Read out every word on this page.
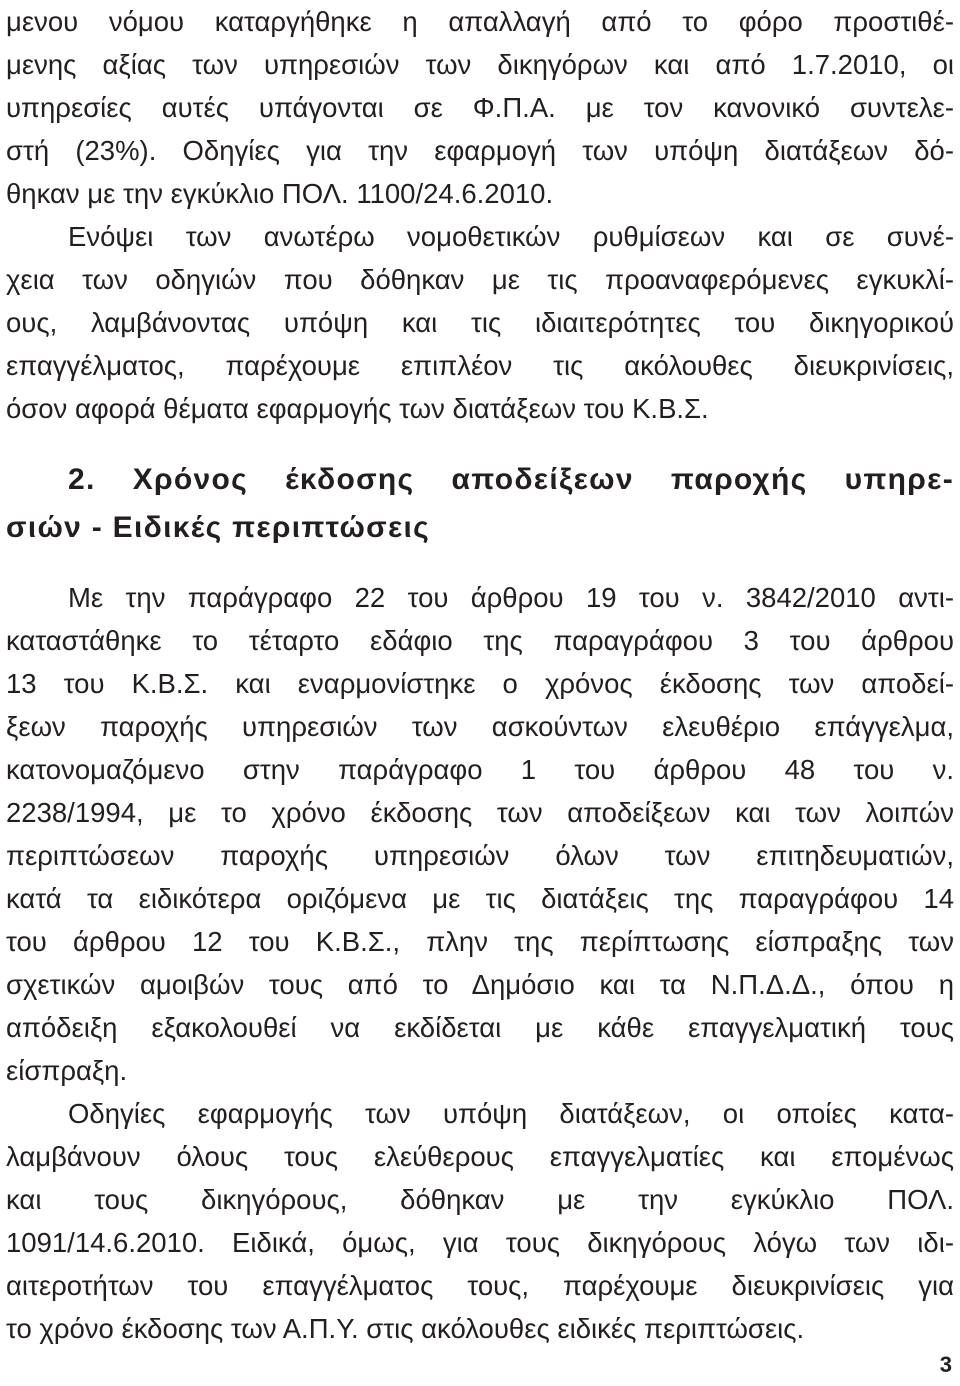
μενου νόμου καταργήθηκε η απαλλαγή από το φόρο προστιθέ-
μενης αξίας των υπηρεσιών των δικηγόρων και από 1.7.2010, οι
υπηρεσίες αυτές υπάγονται σε Φ.Π.Α. με τον κανονικό συντελε-
στή (23%). Οδηγίες για την εφαρμογή των υπόψη διατάξεων δό-
θηκαν με την εγκύκλιο ΠΟΛ. 1100/24.6.2010.
Ενόψει των ανωτέρω νομοθετικών ρυθμίσεων και σε συνέ-
χεια των οδηγιών που δόθηκαν με τις προαναφερόμενες εγκυκλί-
ους, λαμβάνοντας υπόψη και τις ιδιαιτερότητες του δικηγορικού
επαγγέλματος, παρέχουμε επιπλέον τις ακόλουθες διευκρινίσεις,
όσον αφορά θέματα εφαρμογής των διατάξεων του Κ.Β.Σ.
2. Χρόνος έκδοσης αποδείξεων παροχής υπηρε-
σιών - Ειδικές περιπτώσεις
Με την παράγραφο 22 του άρθρου 19 του ν. 3842/2010 αντι-
καταστάθηκε το τέταρτο εδάφιο της παραγράφου 3 του άρθρου
13 του Κ.Β.Σ. και εναρμονίστηκε ο χρόνος έκδοσης των αποδεί-
ξεων παροχής υπηρεσιών των ασκούντων ελευθέριο επάγγελμα,
κατονομαζόμενο στην παράγραφο 1 του άρθρου 48 του ν.
2238/1994, με το χρόνο έκδοσης των αποδείξεων και των λοιπών
περιπτώσεων παροχής υπηρεσιών όλων των επιτηδευματιών,
κατά τα ειδικότερα οριζόμενα με τις διατάξεις της παραγράφου 14
του άρθρου 12 του Κ.Β.Σ., πλην της περίπτωσης είσπραξης των
σχετικών αμοιβών τους από το Δημόσιο και τα Ν.Π.Δ.Δ., όπου η
απόδειξη εξακολουθεί να εκδίδεται με κάθε επαγγελματική τους
είσπραξη.
Οδηγίες εφαρμογής των υπόψη διατάξεων, οι οποίες κατα-
λαμβάνουν όλους τους ελεύθερους επαγγελματίες και επομένως
και τους δικηγόρους, δόθηκαν με την εγκύκλιο ΠΟΛ.
1091/14.6.2010. Ειδικά, όμως, για τους δικηγόρους λόγω των ιδι-
αιτεροτήτων του επαγγέλματος τους, παρέχουμε διευκρινίσεις για
το χρόνο έκδοσης των Α.Π.Υ. στις ακόλουθες ειδικές περιπτώσεις.
3
